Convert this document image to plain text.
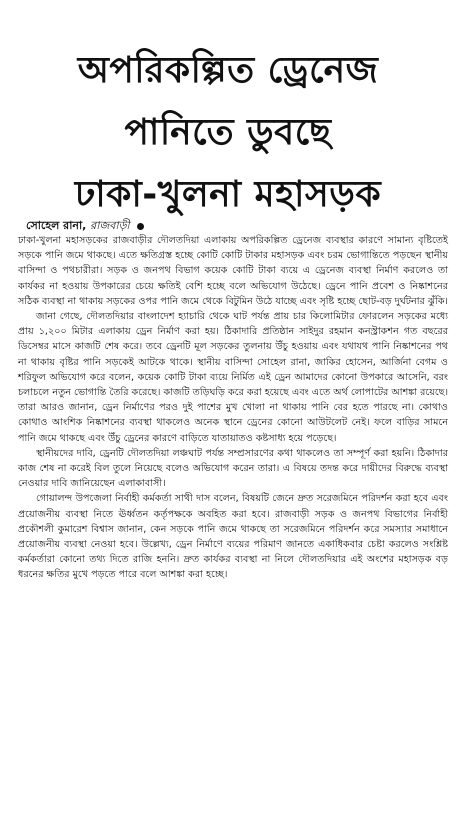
অপরিকল্পিত ড্রেনেজ
পানিতে ডুবছে
ঢাকা-খুলনা মহাসড়ক
সোহেল রানা, রাজবাড়ী

ঢাকা-খুলনা মহাসড়কের রাজবাড়ীর দৌলতদিয়া এলাকায় অপরিকল্পিত ড্রেনেজ ব্যবস্থার কারণে সামান্য বৃষ্টিতেই সড়কে পানি জমে থাকছে। এতে ক্ষতিগ্রস্ত হচ্ছে কোটি কোটি টাকার মহাসড়ক এবং চরম ভোগান্তিতে পড়ছেন স্থানীয় বাসিন্দা ও পথচারীরা। সড়ক ও জনপথ বিভাগ কয়েক কোটি টাকা ব্যয়ে এ ড্রেনেজ ব্যবস্থা নির্মাণ করলেও তা কার্যকর না হওয়ায় উপকারের চেয়ে ক্ষতিই বেশি হচ্ছে বলে অভিযোগ উঠেছে। ড্রেনে পানি প্রবেশ ও নিষ্কাশনের সঠিক ব্যবস্থা না থাকায় সড়কের ওপর পানি জমে থেকে বিটুমিন উঠে যাচ্ছে এবং সৃষ্টি হচ্ছে ছোট-বড় দুর্ঘটনার ঝুঁকি।

জানা গেছে, দৌলতদিয়ার বাংলাদেশ হ্যাচারি থেকে ঘাট পর্যন্ত প্রায় চার কিলোমিটার ফোরলেন সড়কের মধ্যে প্রায় ১,২০০ মিটার এলাকায় ড্রেন নির্মাণ করা হয়। ঠিকাদারি প্রতিষ্ঠান সাইদুর রহমান কনস্ট্রাকশন গত বছরের ডিসেম্বর মাসে কাজটি শেষ করে। তবে ড্রেনটি মূল সড়কের তুলনায় উঁচু হওয়ায় এবং যথাযথ পানি নিষ্কাশনের পথ না থাকায় বৃষ্টির পানি সড়কেই আটকে থাকে। স্থানীয় বাসিন্দা সোহেল রানা, জাকির হোসেন, আর্জিনা বেগম ও শরিফুল অভিযোগ করে বলেন, কয়েক কোটি টাকা ব্যয়ে নির্মিত এই ড্রেন আমাদের কোনো উপকারে আসেনি, বরং চলাচলে নতুন ভোগান্তি তৈরি করেছে। কাজটি তড়িঘড়ি করে করা হয়েছে এবং এতে অর্থ লোপাটের আশঙ্কা রয়েছে। তারা আরও জানান, ড্রেন নির্মাণের পরও দুই পাশের মুখ খোলা না থাকায় পানি বের হতে পারছে না। কোথাও কোথাও আংশিক নিষ্কাশনের ব্যবস্থা থাকলেও অনেক স্থানে ড্রেনের কোনো আউটলেট নেই। ফলে বাড়ির সামনে পানি জমে থাকছে এবং উঁচু ড্রেনের কারণে বাড়িতে যাতায়াতও কষ্টসাধ্য হয়ে পড়েছে।

স্থানীয়দের দাবি, ড্রেনটি দৌলতদিয়া লঞ্চঘাট পর্যন্ত সম্প্রসারণের কথা থাকলেও তা সম্পূর্ণ করা হয়নি। ঠিকাদার কাজ শেষ না করেই বিল তুলে নিয়েছে বলেও অভিযোগ করেন তারা। এ বিষয়ে তদন্ত করে দায়ীদের বিরুদ্ধে ব্যবস্থা নেওয়ার দাবি জানিয়েছেন এলাকাবাসী।

গোয়ালন্দ উপজেলা নির্বাহী কর্মকর্তা সাথী দাস বলেন, বিষয়টি জেনে দ্রুত সরেজমিনে পরিদর্শন করা হবে এবং প্রয়োজনীয় ব্যবস্থা নিতে ঊর্ধ্বতন কর্তৃপক্ষকে অবহিত করা হবে। রাজবাড়ী সড়ক ও জনপথ বিভাগের নির্বাহী প্রকৌশলী কুমারেশ বিশ্বাস জানান, কেন সড়কে পানি জমে থাকছে তা সরেজমিনে পরিদর্শন করে সমস্যার সমাধানে প্রয়োজনীয় ব্যবস্থা নেওয়া হবে। উল্লেখ্য, ড্রেন নির্মাণে ব্যয়ের পরিমাণ জানতে একাধিকবার চেষ্টা করলেও সংশ্লিষ্ট কর্মকর্তারা কোনো তথ্য দিতে রাজি হননি। দ্রুত কার্যকর ব্যবস্থা না নিলে দৌলতদিয়ার এই অংশের মহাসড়ক বড় ধরনের ক্ষতির মুখে পড়তে পারে বলে আশঙ্কা করা হচ্ছে।
